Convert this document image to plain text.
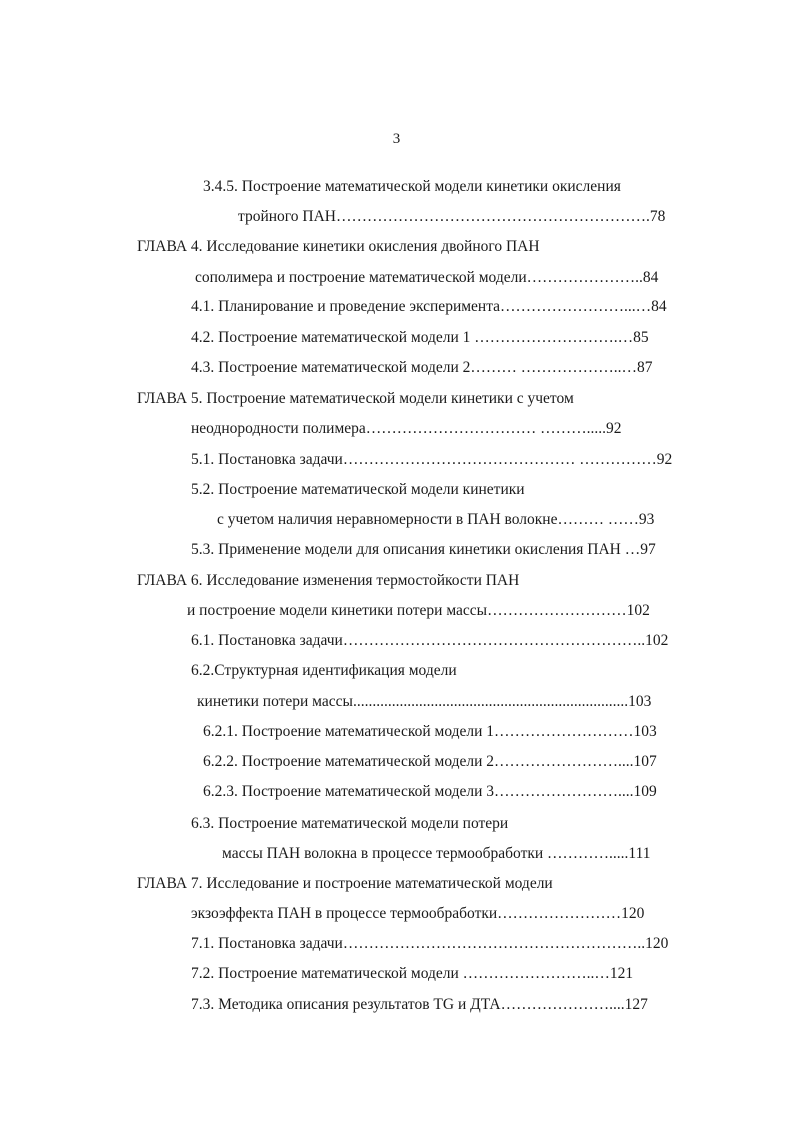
3
3.4.5. Построение математической модели кинетики окисления
тройного ПАН…………………………………………………….78
ГЛАВА 4. Исследование кинетики окисления двойного ПАН
сополимера и построение математической модели…………………..84
4.1. Планирование и проведение эксперимента……………………...…84
4.2. Построение математической модели 1 ……………………….…85
4.3. Построение математической модели 2……… ………………..…87
ГЛАВА 5. Построение математической модели кинетики с учетом
неоднородности полимера…………………………… ……….....92
5.1. Постановка задачи……………………………………… ……………92
5.2. Построение математической модели кинетики
с учетом наличия неравномерности в ПАН волокне……… ……93
5.3. Применение модели для описания кинетики окисления ПАН …97
ГЛАВА 6. Исследование изменения термостойкости ПАН
и построение модели кинетики потери массы………………………102
6.1. Постановка задачи…………………………………………………..102
6.2.Структурная идентификация модели
кинетики потери массы.......................................................................103
6.2.1. Построение математической модели 1………………………103
6.2.2. Построение математической модели 2……………………....107
6.2.3. Построение математической модели 3……………………....109
6.3. Построение математической модели потери
массы ПАН волокна в процессе термообработки ………….....111
ГЛАВА 7. Исследование и построение математической модели
экзоэффекта ПАН в процессе термообработки……………………120
7.1. Постановка задачи…………………………………………………..120
7.2. Построение математической модели ……………………..…121
7.3. Методика описания результатов TG и ДТА…………………....127
